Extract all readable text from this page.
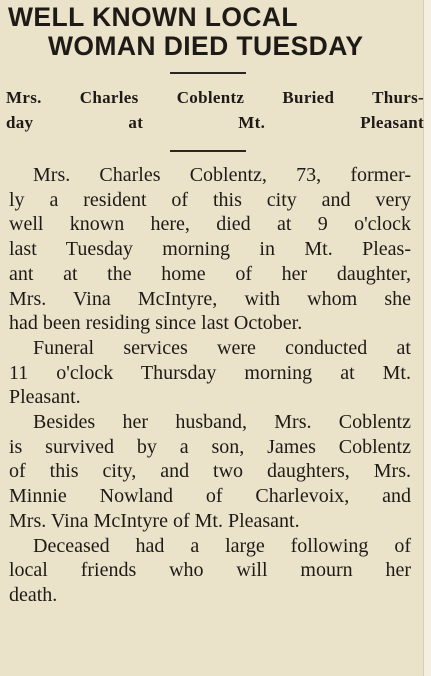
WELL KNOWN LOCAL
WOMAN DIED TUESDAY
Mrs. Charles Coblentz Buried Thurs-
day at Mt. Pleasant
Mrs. Charles Coblentz, 73, former-
ly a resident of this city and very
well known here, died at 9 o'clock
last Tuesday morning in Mt. Pleas-
ant at the home of her daughter,
Mrs. Vina McIntyre, with whom she
had been residing since last October.
Funeral services were conducted at
11 o'clock Thursday morning at Mt.
Pleasant.
Besides her husband, Mrs. Coblentz
is survived by a son, James Coblentz
of this city, and two daughters, Mrs.
Minnie Nowland of Charlevoix, and
Mrs. Vina McIntyre of Mt. Pleasant.
Deceased had a large following of
local friends who will mourn her
death.
